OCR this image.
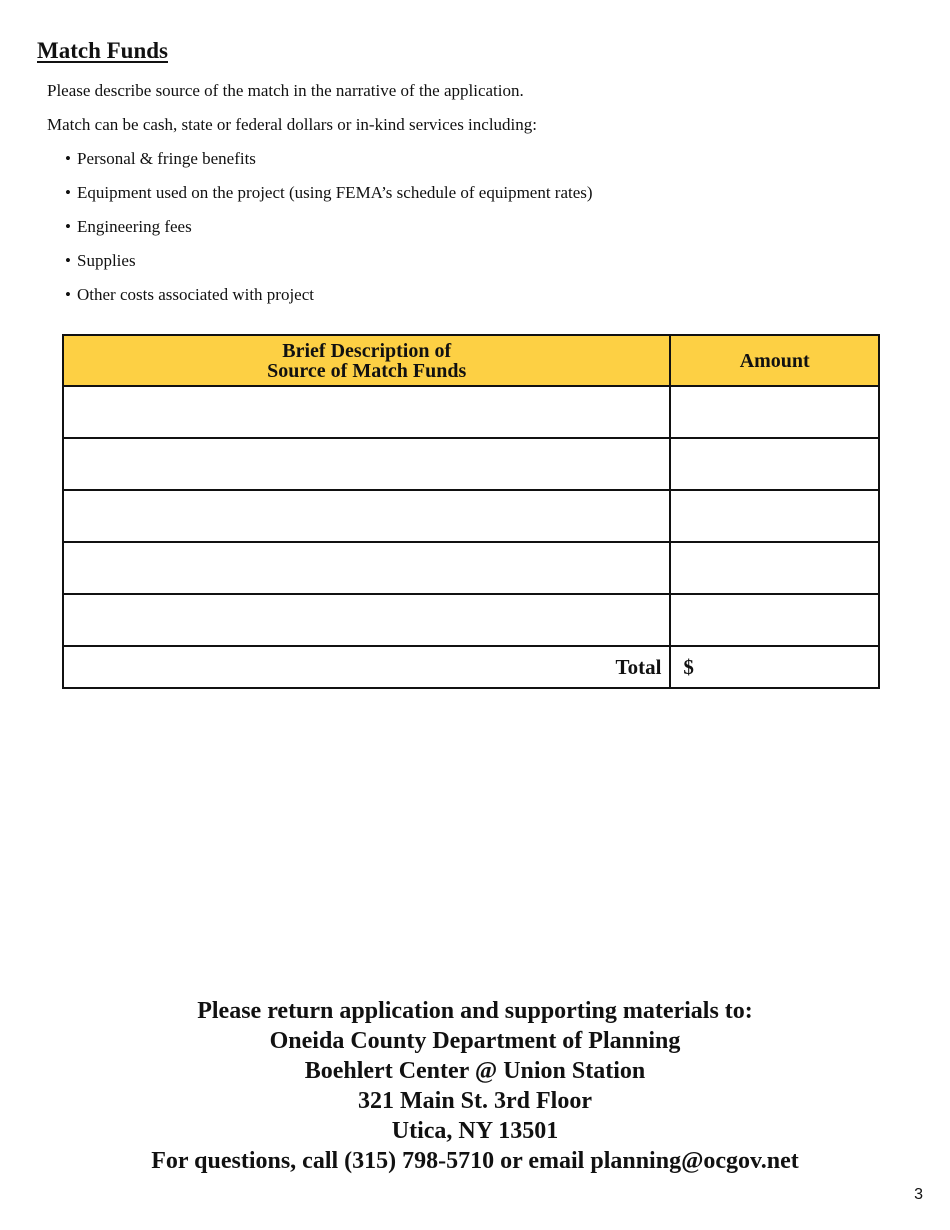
Match Funds
Please describe source of the match in the narrative of the application.
Match can be cash, state or federal dollars or in-kind services including:
• Personal & fringe benefits
• Equipment used on the project (using FEMA’s schedule of equipment rates)
• Engineering fees
• Supplies
• Other costs associated with project
Brief Description of
Source of Match Funds	Amount

Total	$
Please return application and supporting materials to:
Oneida County Department of Planning
Boehlert Center @ Union Station
321 Main St. 3rd Floor
Utica, NY 13501
For questions, call (315) 798-5710 or email planning@ocgov.net
3
